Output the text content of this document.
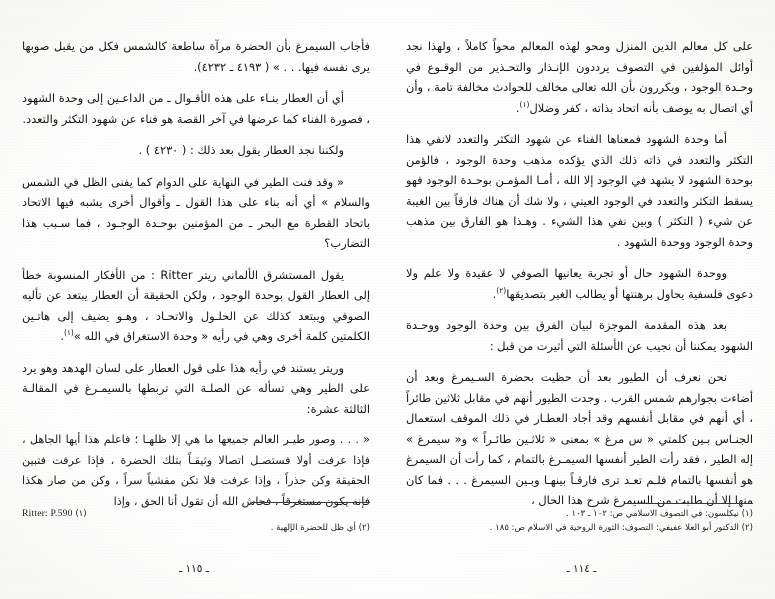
على كل معالم الدين المنزل ومحو لهذه المعالم محواً كاملاً ، ولهذا نجد أوائل المؤلفين في التصوف يرددون الإنـذار والتحـذير من الوقـوع في وحـدة الوجود ، ويكررون بأن الله تعالى مخالف للحوادث مخالفة تامة ، وأن أي اتصال به يوصف بأنه اتحاد بذاته ، كفر وضلال$^{(١)}$.

أما وحدة الشهود فمعناها الفناء عن شهود التكثر والتعدد لانفي هذا التكثر والتعدد في ذاته ذلك الذي يؤكده مذهب وحدة الوجود ، فالؤمن بوحدة الشهود لا يشهد في الوجود إلا الله ، أمـا المؤمـن بوحـدة الوجود فهو يسقط التكثر والتعدد في الوجود العيني ، ولا شك أن هناك فارقاً بين الغيبة عن شيء ( التكثر ) وبين نفي هذا الشيء . وهـذا هو الفارق بين مذهب وحدة الوجود ووحدة الشهود .

ووحدة الشهود حال أو تجربة يعانيها الصوفي لا عقيدة ولا علم ولا دعوى فلسفية يحاول برهنتها أو يطالب الغير بتصديقها$^{(٢)}$.

بعد هذه المقدمة الموجزة لبيان الفرق بين وحدة الوجود ووحـدة الشهود يمكننا أن نجيب عن الأسئلة التي أثيرت من قبل :

نحن نعرف أن الطيور بعد أن حظيت بحضرة السـيمرغ وبعد أن أضاءت بجوارهم شمس القرب . وجدت الطيور أنهم في مقابل ثلاثين طائراً ، أي أنهم في مقابل أنفسهم وقد أجاد العطـار في ذلك الموقف استعمال الجنـاس بـين كلمتي « س مرغ » بمعنى « ثلاثـين طائـراً » و« سيمرغ » إله الطير ، فقد رأت الطير أنفسها السيمـرغ بالتمام ، كما رأت أن السيمرغ هو أنفسها بالتمام فلـم تعـد ترى فارقـاً بينهـا وبـين السيمرغ . . . فما كان منها إلا أن طلبت من السيمرغ شرح هذا الحال ،

(١) نيكلسون: في التصوف الاسلامي ص: ١٠٢ ـ ١٠٣ .

(٢) الدكتور أبو العلا عفيفي: التصوف: الثورة الروحية في الاسلام ص: ١٨٥ .

ـ ١١٤ ـ

فأجاب السيمرغ بأن الحضرة مرآة ساطعة كالشمس فكل من يقبل صوبها يرى نفسه فيها. . . » ( ٤١٩٣ ـ ٤٢٣٢).

أي أن العطار بنـاء على هذه الأقـوال ـ من الداعـين إلى وحدة الشهود ، فصورة الفناء كما عرضها في آخر القصة هو فناء عن شهود التكثر والتعدد.

ولكننا نجد العطار يقول بعد ذلك : ( ٤٢٣٠ ) .

« وقد فنت الطير في النهاية على الدوام كما يفنى الظل في الشمس والسلام » أي أنه بناء على هذا القول ـ وأقوال أخرى يشبه فيها الاتحاد باتحاد القطرة مع البحر ـ من المؤمنين بوحـدة الوجـود ، فما سـبب هذا التضارب؟

يقول المستشرق الألماني ريتر Ritter : من الأفكار المنسوبة خطأ إلى العطار القول بوحدة الوجود ، ولكن الحقيقة أن العطار يبتعد عن تأليه الصوفي ويبتعد كذلك عن الحلـول والاتحـاد ، وهـو يضيف إلى هاتـين الكلمتين كلمة أخرى وهي في رأيه « وحدة الاستغراق في الله »$^{(١)}$.

وريتر يستند في رأيه هذا على قول العطار على لسان الهدهد وهو يرد على الطير وهي تسأله عن الصلـة التي تربطها بالسيمـرغ في المقالـة الثالثة عشرة:

« . . . وصور طيـر العالم جميعها ما هي إلا ظلهـا ؛ فاعلم هذا أيها الجاهل ، فإذا عرفت أولا فستصـل اتصالا وثيقـاً بتلك الحضرة ، فإذا عرفت فتبين الحقيقة وكن حذراً ، وإذا عرفت فلا تكن مفشياً سراً ، وكن من صار هكذا فإنه يكون مستغرقاً ، فحاش الله أن تقول أنا الحق ، وإذا

(١) Ritter: P.590

(٢) أي ظل للحضرة الإلهية .

ـ ١١٥ ـ
